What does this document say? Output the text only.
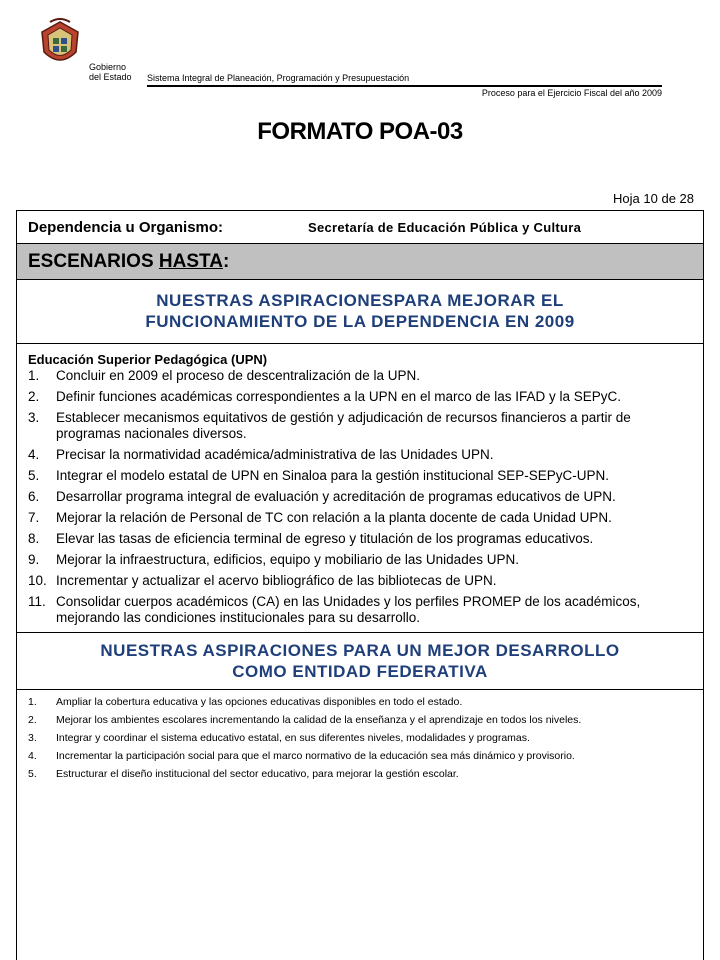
Gobierno
del Estado Sistema Integral de Planeación, Programación y Presupuestación
Proceso para el Ejercicio Fiscal del año 2009
FORMATO POA-03
Hoja 10 de 28
Dependencia u Organismo:	Secretaría de Educación Pública y Cultura
ESCENARIOS
HASTA :
NUESTRAS ASPIRACIONESPARA MEJORAR EL
FUNCIONAMIENTO DE LA DEPENDENCIA EN 2009
Educación Superior Pedagógica (UPN)
1.	Concluir en 2009 el proceso de descentralización de la UPN.
2.	Definir funciones académicas correspondientes a la UPN en el marco de las IFAD y la SEPyC.
3.	Establecer mecanismos equitativos de gestión y adjudicación de recursos financieros a partir de programas nacionales diversos.
4.	Precisar la normatividad académica/administrativa de las Unidades UPN.
5.	Integrar el modelo estatal de UPN en Sinaloa para la gestión institucional SEP-SEPyC-UPN.
6.	Desarrollar programa integral de evaluación y acreditación de programas educativos de UPN.
7.	Mejorar la relación de Personal de TC con relación a la planta docente de cada Unidad UPN.
8.	Elevar las tasas de eficiencia terminal de egreso y titulación de los programas educativos.
9.	Mejorar la infraestructura, edificios, equipo y mobiliario de las Unidades UPN.
10. Incrementar y actualizar el acervo bibliográfico de las bibliotecas de UPN.
11. Consolidar cuerpos académicos (CA) en las Unidades y los perfiles PROMEP de los académicos, mejorando las condiciones institucionales para su desarrollo.
NUESTRAS ASPIRACIONES PARA UN MEJOR DESARROLLO
COMO ENTIDAD FEDERATIVA
1.	Ampliar la cobertura educativa y las opciones educativas disponibles en todo el estado.
2.	Mejorar los ambientes escolares incrementando la calidad de la enseñanza y el aprendizaje en todos los niveles.
3.	Integrar y coordinar el sistema educativo estatal, en sus diferentes niveles, modalidades y programas.
4.	Incrementar la participación social para que el marco normativo de la educación sea más dinámico y provisorio.
5.	Estructurar el diseño institucional del sector educativo, para mejorar la gestión escolar.
